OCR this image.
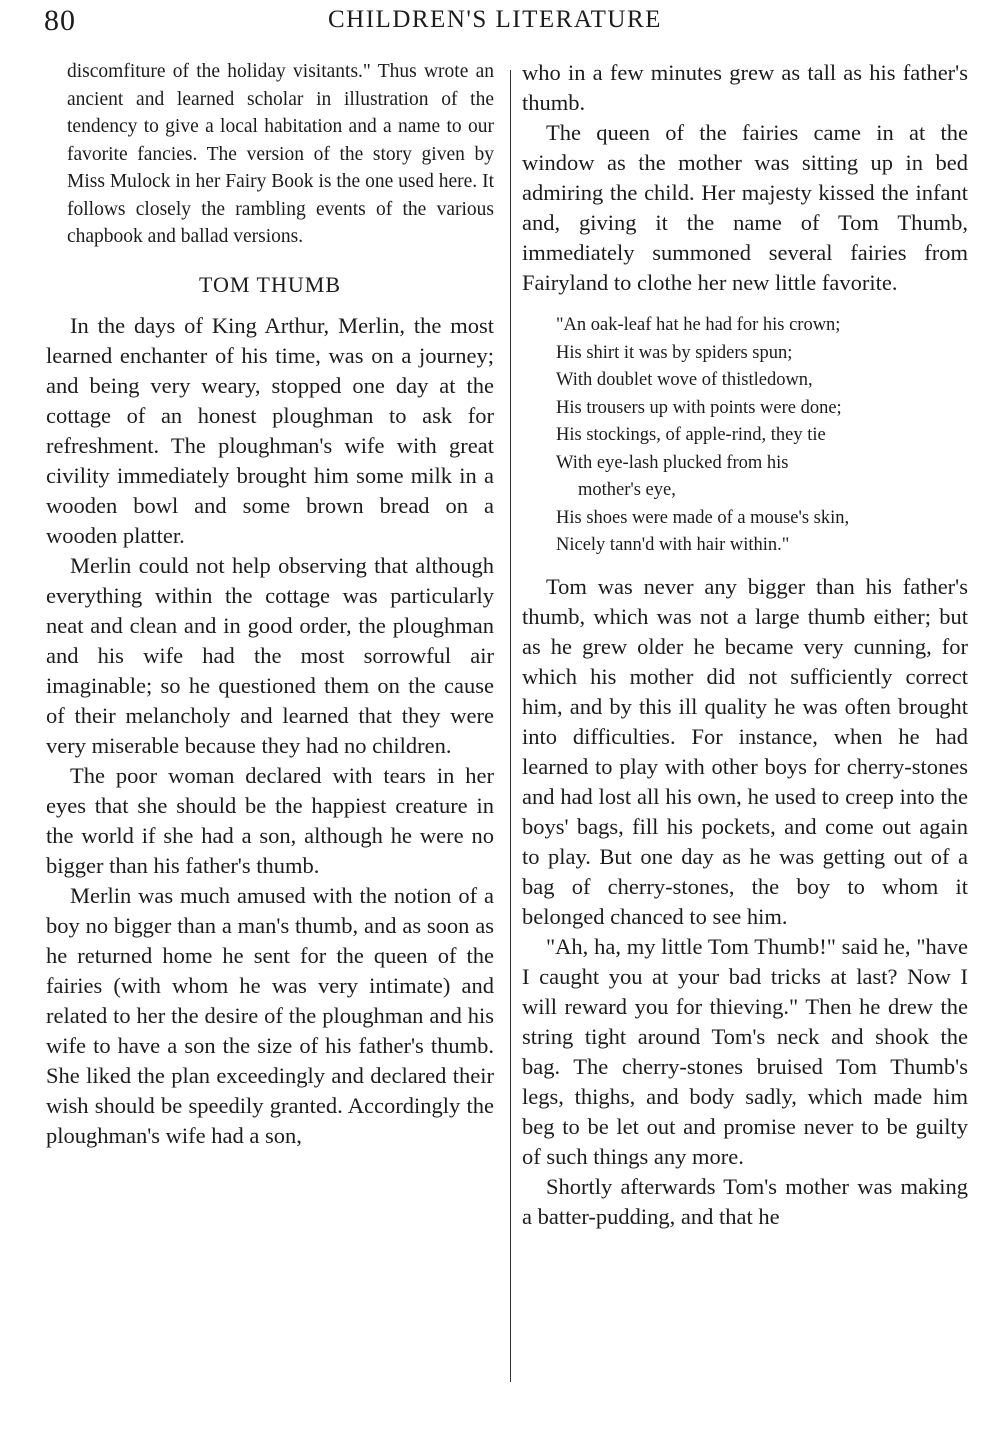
80	CHILDREN'S LITERATURE

discomfiture of the holiday visitants." Thus wrote an ancient and learned scholar in illustration of the tendency to give a local habitation and a name to our favorite fancies. The version of the story given by Miss Mulock in her Fairy Book is the one used here. It follows closely the rambling events of the various chapbook and ballad versions.

TOM THUMB

In the days of King Arthur, Merlin, the most learned enchanter of his time, was on a journey; and being very weary, stopped one day at the cottage of an honest ploughman to ask for refreshment. The ploughman's wife with great civility immediately brought him some milk in a wooden bowl and some brown bread on a wooden platter.

Merlin could not help observing that although everything within the cottage was particularly neat and clean and in good order, the ploughman and his wife had the most sorrowful air imaginable; so he questioned them on the cause of their melancholy and learned that they were very miserable because they had no children.

The poor woman declared with tears in her eyes that she should be the happiest creature in the world if she had a son, although he were no bigger than his father's thumb.

Merlin was much amused with the notion of a boy no bigger than a man's thumb, and as soon as he returned home he sent for the queen of the fairies (with whom he was very intimate) and related to her the desire of the ploughman and his wife to have a son the size of his father's thumb. She liked the plan exceedingly and declared their wish should be speedily granted. Accordingly the ploughman's wife had a son,

who in a few minutes grew as tall as his father's thumb.

The queen of the fairies came in at the window as the mother was sitting up in bed admiring the child. Her majesty kissed the infant and, giving it the name of Tom Thumb, immediately summoned several fairies from Fairyland to clothe her new little favorite.

"An oak-leaf hat he had for his crown;
His shirt it was by spiders spun;
With doublet wove of thistledown,
His trousers up with points were done;
His stockings, of apple-rind, they tie
With eye-lash plucked from his
mother's eye,
His shoes were made of a mouse's skin,
Nicely tann'd with hair within."

Tom was never any bigger than his father's thumb, which was not a large thumb either; but as he grew older he became very cunning, for which his mother did not sufficiently correct him, and by this ill quality he was often brought into difficulties. For instance, when he had learned to play with other boys for cherry-stones and had lost all his own, he used to creep into the boys' bags, fill his pockets, and come out again to play. But one day as he was getting out of a bag of cherry-stones, the boy to whom it belonged chanced to see him.

"Ah, ha, my little Tom Thumb!" said he, "have I caught you at your bad tricks at last? Now I will reward you for thieving." Then he drew the string tight around Tom's neck and shook the bag. The cherry-stones bruised Tom Thumb's legs, thighs, and body sadly, which made him beg to be let out and promise never to be guilty of such things any more.

Shortly afterwards Tom's mother was making a batter-pudding, and that he
